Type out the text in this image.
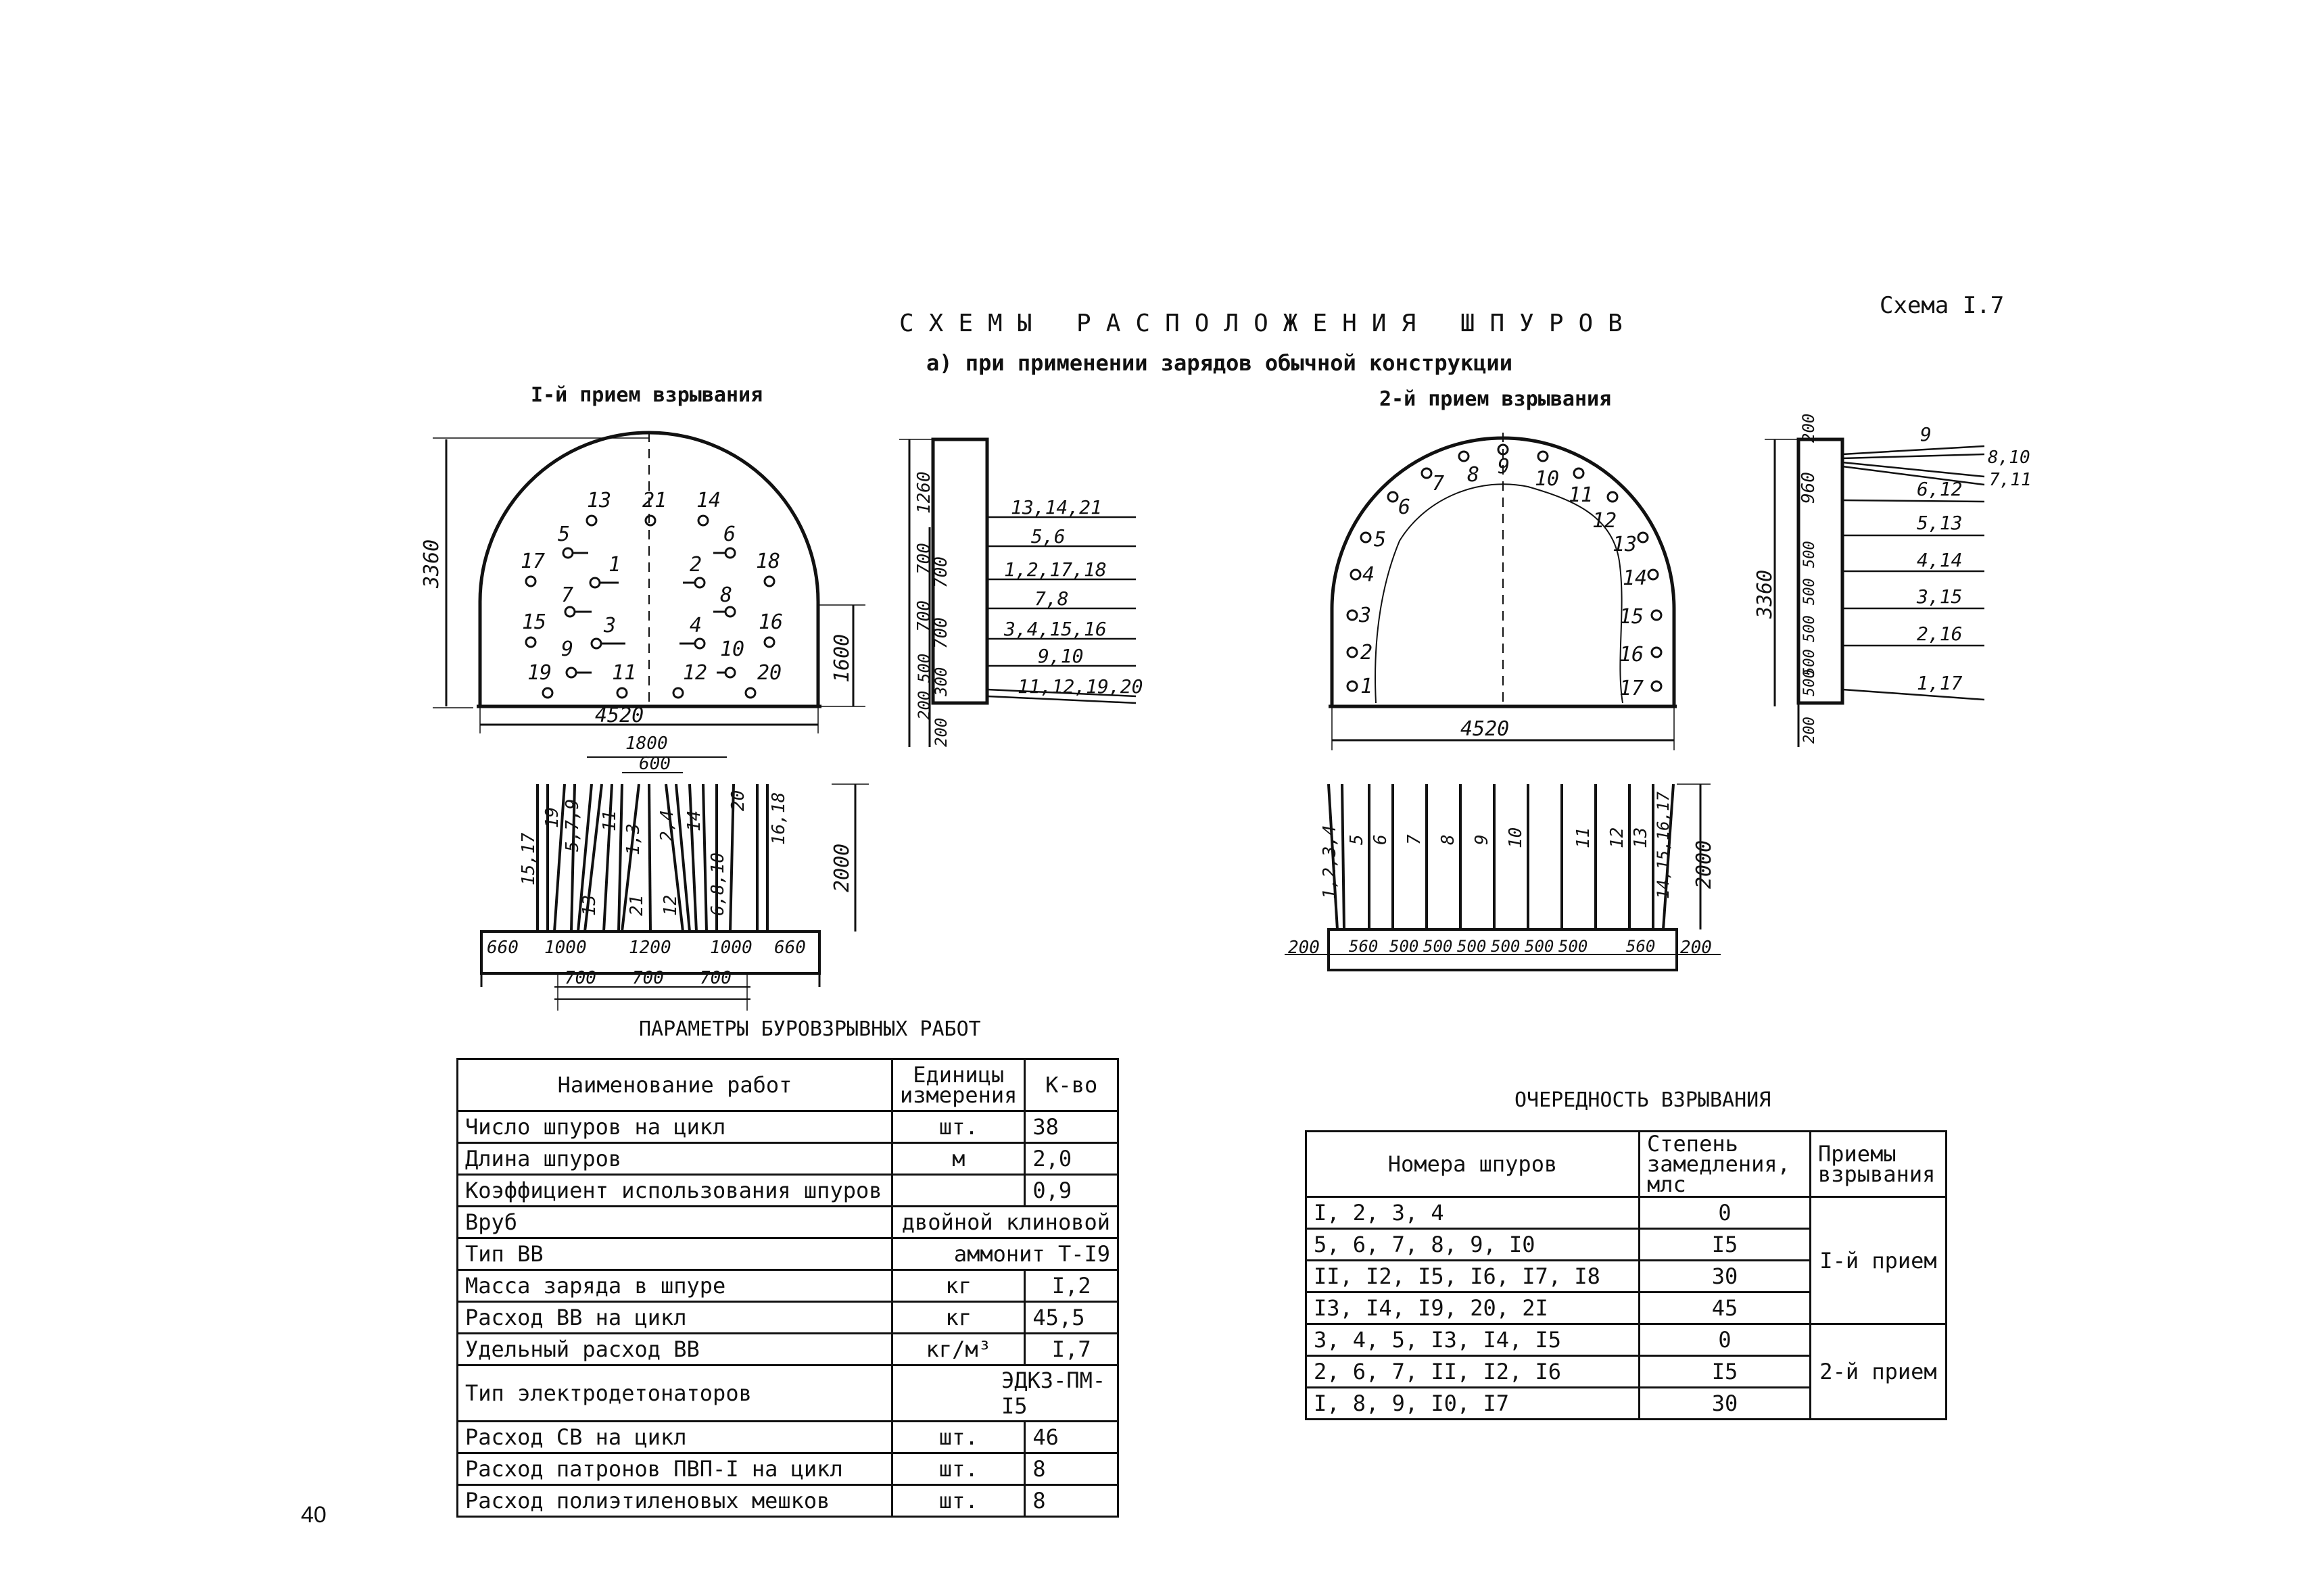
СХЕМЫ РАСПОЛОЖЕНИЯ ШПУРОВ
а) при применении зарядов обычной конструкции
Схема I.7
I-й прием взрывания	2-й прием взрывания
40
4520
3360
1600
13 21 14
5	6
17	1	2	18
7	8
15	3	4	16
9	10
19	11 12 20
1260
700
700
700
700
500
300
200
200
13,14,21
5,6
1,2,17,18
7,8
3,4,15,16
9,10
11,12,19,20
1800
600
2000
15,17
19 5,7,9
13
11
1,3
21
2,4
12
14
6,8,10
20 16,18
660 1000 1200 1000 660
700 700 700
4520
9
8	10
7	11
6
12
5	13
4	14
3	15
2	16
1	17
3360
200
960
500
500
500
500
500
200
9
8,10
7,11
6,12
5,13
4,14
3,15
2,16
1,17
2000
1,2,3,4 5 6 7 8 9 10	11 12 13 14,15,16,17
200 560 500 500 500 500 500 500 560 200
ПАРАМЕТРЫ БУРОВЗРЫВНЫХ РАБОТ
Наименование работ	Единицы измерения	К-во
Число шпуров на цикл	шт.	38
Длина шпуров	м	2,0
Коэффициент использования шпуров		0,9
Вруб	двойной клиновой	
Тип ВВ	аммонит Т-I9	
Масса заряда в шпуре	кг	I,2
Расход ВВ на цикл	кг	45,5
Удельный расход ВВ	кг/м³	I,7
Тип электродетонаторов	ЭДКЗ-ПМ-I5	
Расход СВ на цикл	шт.	46
Расход патронов ПВП-I на цикл	шт.	8
Расход полиэтиленовых мешков	шт.	8
ОЧЕРЕДНОСТЬ ВЗРЫВАНИЯ
Номера шпуров	Степень замедления, млс	Приемы взрывания
I, 2, 3, 4	0	I-й прием
5, 6, 7, 8, 9, I0	I5	
II, I2, I5, I6, I7, I8	30	
I3, I4, I9, 20, 2I	45	
3, 4, 5, I3, I4, I5	0	2-й прием
2, 6, 7, II, I2, I6	I5	
I, 8, 9, I0, I7	30	
